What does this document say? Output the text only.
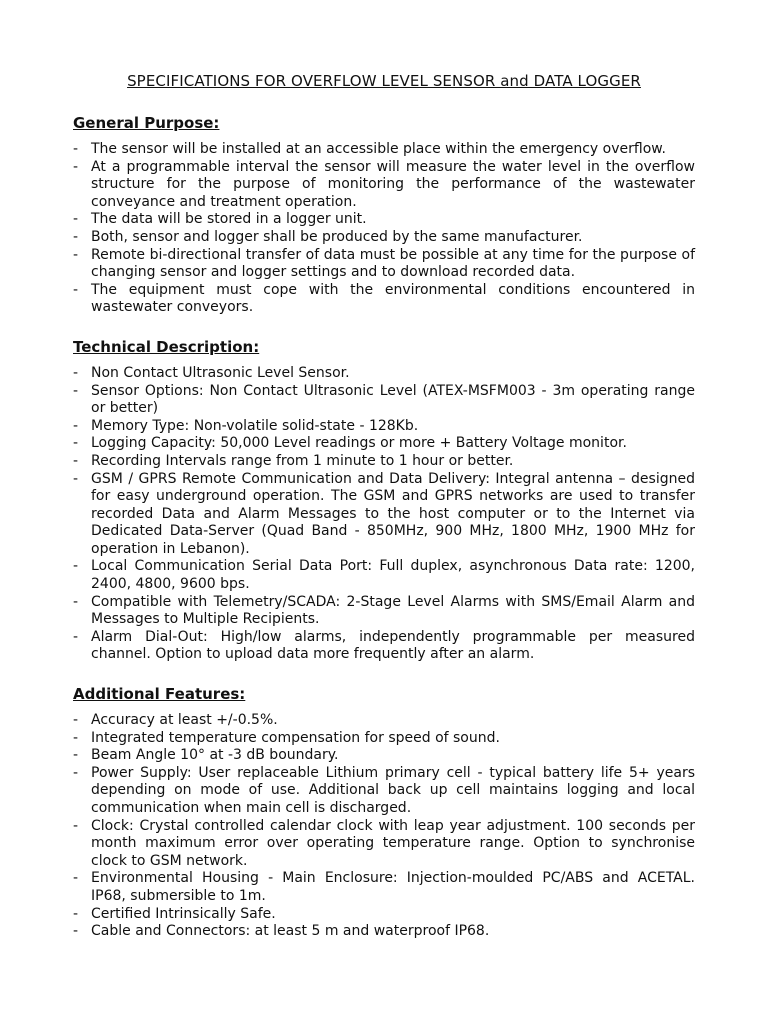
SPECIFICATIONS FOR OVERFLOW LEVEL SENSOR and DATA LOGGER
General Purpose:
- The sensor will be installed at an accessible place within the emergency overflow.
- At a programmable interval the sensor will measure the water level in the overflow structure for the purpose of monitoring the performance of the wastewater conveyance and treatment operation.
- The data will be stored in a logger unit.
- Both, sensor and logger shall be produced by the same manufacturer.
- Remote bi-directional transfer of data must be possible at any time for the purpose of changing sensor and logger settings and to download recorded data.
- The equipment must cope with the environmental conditions encountered in wastewater conveyors.
Technical Description:
- Non Contact Ultrasonic Level Sensor.
- Sensor Options: Non Contact Ultrasonic Level (ATEX-MSFM003 - 3m operating range or better)
- Memory Type: Non-volatile solid-state - 128Kb.
- Logging Capacity: 50,000 Level readings or more + Battery Voltage monitor.
- Recording Intervals range from 1 minute to 1 hour or better.
- GSM / GPRS Remote Communication and Data Delivery: Integral antenna – designed for easy underground operation. The GSM and GPRS networks are used to transfer recorded Data and Alarm Messages to the host computer or to the Internet via Dedicated Data-Server (Quad Band - 850MHz, 900 MHz, 1800 MHz, 1900 MHz for operation in Lebanon).
- Local Communication Serial Data Port: Full duplex, asynchronous Data rate: 1200, 2400, 4800, 9600 bps.
- Compatible with Telemetry/SCADA: 2-Stage Level Alarms with SMS/Email Alarm and Messages to Multiple Recipients.
- Alarm Dial-Out: High/low alarms, independently programmable per measured channel. Option to upload data more frequently after an alarm.
Additional Features:
- Accuracy at least +/-0.5%.
- Integrated temperature compensation for speed of sound.
- Beam Angle 10° at -3 dB boundary.
- Power Supply: User replaceable Lithium primary cell - typical battery life 5+ years depending on mode of use. Additional back up cell maintains logging and local communication when main cell is discharged.
- Clock: Crystal controlled calendar clock with leap year adjustment. 100 seconds per month maximum error over operating temperature range. Option to synchronise clock to GSM network.
- Environmental Housing - Main Enclosure: Injection-moulded PC/ABS and ACETAL. IP68, submersible to 1m.
- Certified Intrinsically Safe.
- Cable and Connectors: at least 5 m and waterproof IP68.
